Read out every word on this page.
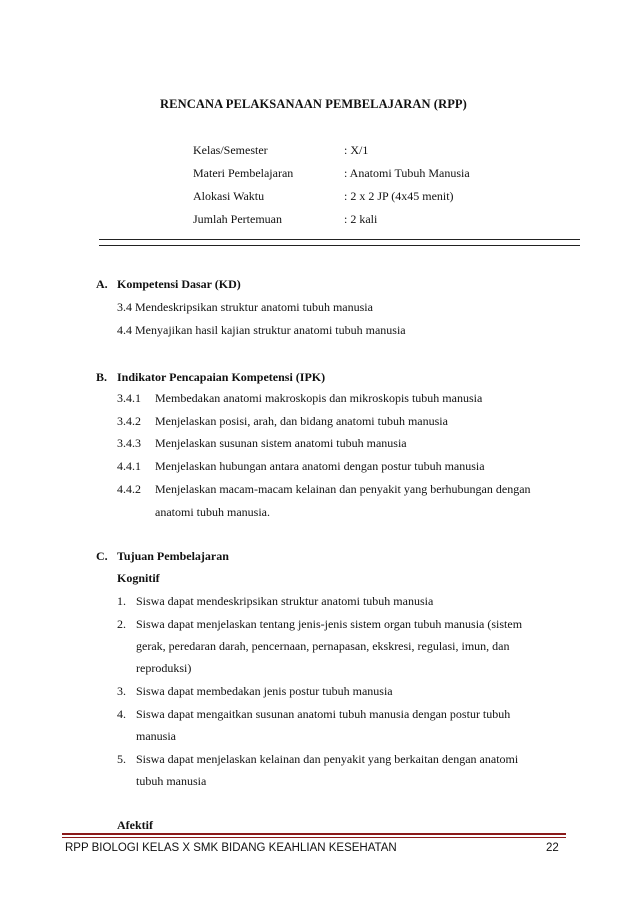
RENCANA PELAKSANAAN PEMBELAJARAN (RPP)
Kelas/Semester	: X/1
Materi Pembelajaran	: Anatomi Tubuh Manusia
Alokasi Waktu	: 2 x 2 JP (4x45 menit)
Jumlah Pertemuan	: 2 kali
A. Kompetensi Dasar (KD)
3.4 Mendeskripsikan struktur anatomi tubuh manusia
4.4 Menyajikan hasil kajian struktur anatomi tubuh manusia
B. Indikator Pencapaian Kompetensi (IPK)
3.4.1 Membedakan anatomi makroskopis dan mikroskopis tubuh manusia
3.4.2 Menjelaskan posisi, arah, dan bidang anatomi tubuh manusia
3.4.3 Menjelaskan susunan sistem anatomi tubuh manusia
4.4.1 Menjelaskan hubungan antara anatomi dengan postur tubuh manusia
4.4.2 Menjelaskan macam-macam kelainan dan penyakit yang berhubungan dengan
anatomi tubuh manusia.
C. Tujuan Pembelajaran
Kognitif
1. Siswa dapat mendeskripsikan struktur anatomi tubuh manusia
2. Siswa dapat menjelaskan tentang jenis-jenis sistem organ tubuh manusia (sistem
gerak, peredaran darah, pencernaan, pernapasan, ekskresi, regulasi, imun, dan
reproduksi)
3. Siswa dapat membedakan jenis postur tubuh manusia
4. Siswa dapat mengaitkan susunan anatomi tubuh manusia dengan postur tubuh
manusia
5. Siswa dapat menjelaskan kelainan dan penyakit yang berkaitan dengan anatomi
tubuh manusia
Afektif
RPP BIOLOGI KELAS X SMK BIDANG KEAHLIAN KESEHATAN	22
